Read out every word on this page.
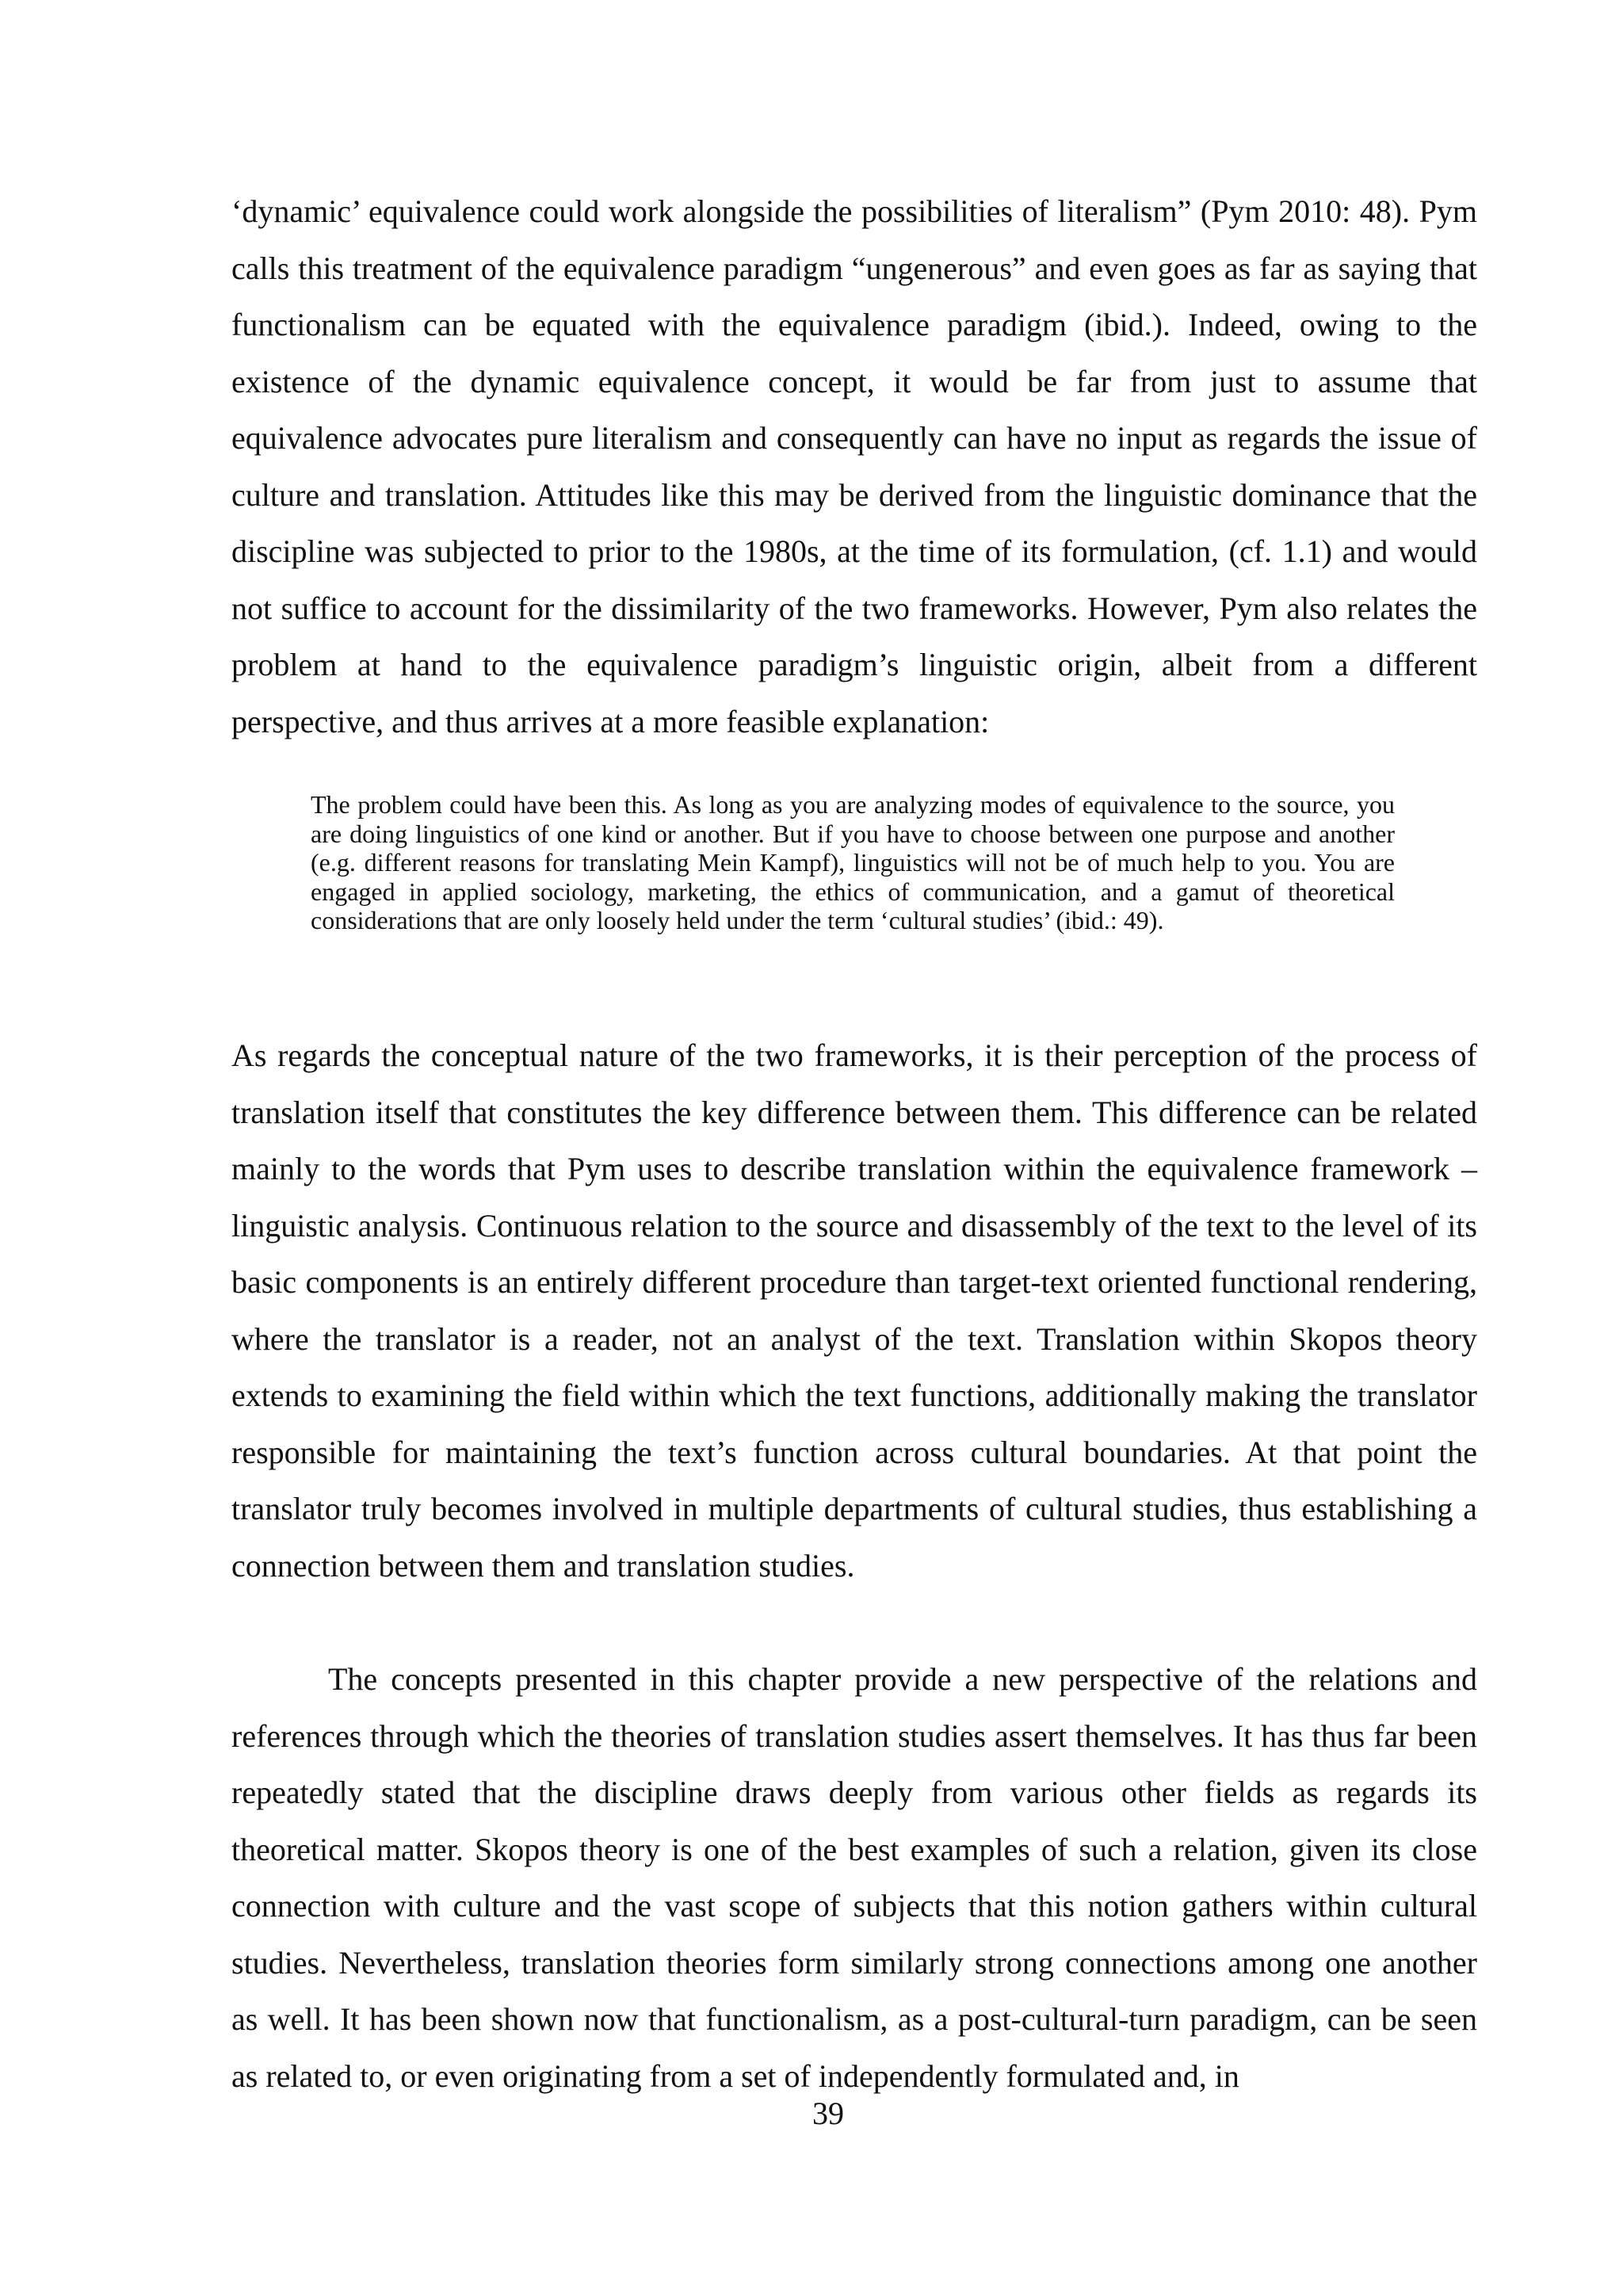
‘dynamic’ equivalence could work alongside the possibilities of literalism” (Pym 2010: 48). Pym calls this treatment of the equivalence paradigm “ungenerous” and even goes as far as saying that functionalism can be equated with the equivalence paradigm (ibid.). Indeed, owing to the existence of the dynamic equivalence concept, it would be far from just to assume that equivalence advocates pure literalism and consequently can have no input as regards the issue of culture and translation. Attitudes like this may be derived from the linguistic dominance that the discipline was subjected to prior to the 1980s, at the time of its formulation, (cf. 1.1) and would not suffice to account for the dissimilarity of the two frameworks. However, Pym also relates the problem at hand to the equivalence paradigm’s linguistic origin, albeit from a different perspective, and thus arrives at a more feasible explanation:

The problem could have been this. As long as you are analyzing modes of equivalence to the source, you are doing linguistics of one kind or another. But if you have to choose between one purpose and another (e.g. different reasons for translating Mein Kampf), linguistics will not be of much help to you. You are engaged in applied sociology, marketing, the ethics of communication, and a gamut of theoretical considerations that are only loosely held under the term ‘cultural studies’ (ibid.: 49).

As regards the conceptual nature of the two frameworks, it is their perception of the process of translation itself that constitutes the key difference between them. This difference can be related mainly to the words that Pym uses to describe translation within the equivalence framework – linguistic analysis. Continuous relation to the source and disassembly of the text to the level of its basic components is an entirely different procedure than target-text oriented functional rendering, where the translator is a reader, not an analyst of the text. Translation within Skopos theory extends to examining the field within which the text functions, additionally making the translator responsible for maintaining the text’s function across cultural boundaries. At that point the translator truly becomes involved in multiple departments of cultural studies, thus establishing a connection between them and translation studies.

The concepts presented in this chapter provide a new perspective of the relations and references through which the theories of translation studies assert themselves. It has thus far been repeatedly stated that the discipline draws deeply from various other fields as regards its theoretical matter. Skopos theory is one of the best examples of such a relation, given its close connection with culture and the vast scope of subjects that this notion gathers within cultural studies. Nevertheless, translation theories form similarly strong connections among one another as well. It has been shown now that functionalism, as a post-cultural-turn paradigm, can be seen as related to, or even originating from a set of independently formulated and, in

39
